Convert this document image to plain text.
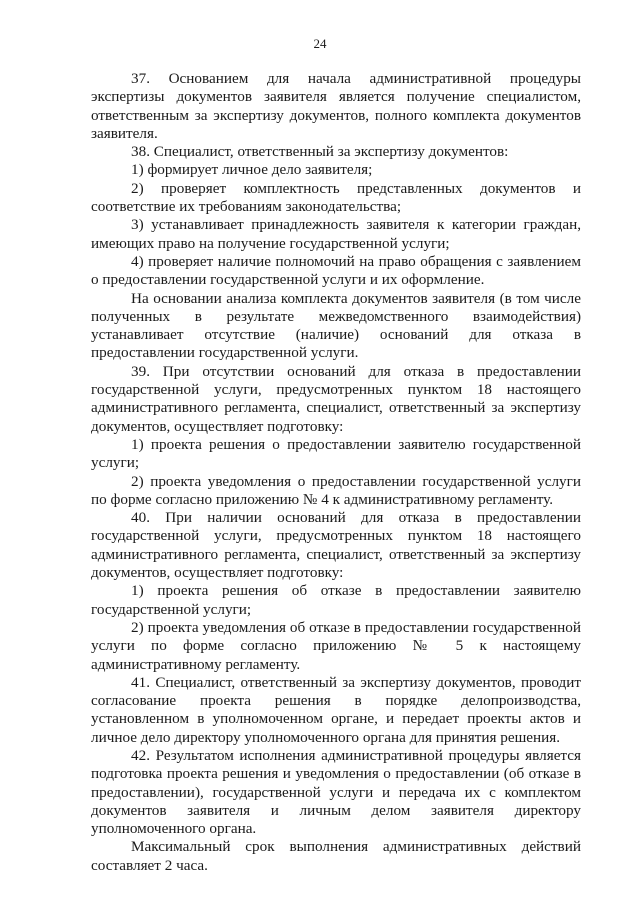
24

37. Основанием для начала административной процедуры экспертизы документов заявителя является получение специалистом, ответственным за экспертизу документов, полного комплекта документов заявителя.

38. Специалист, ответственный за экспертизу документов:

1) формирует личное дело заявителя;

2) проверяет комплектность представленных документов и соответствие их требованиям законодательства;

3) устанавливает принадлежность заявителя к категории граждан, имеющих право на получение государственной услуги;

4) проверяет наличие полномочий на право обращения с заявлением о предоставлении государственной услуги и их оформление.

На основании анализа комплекта документов заявителя (в том числе полученных в результате межведомственного взаимодействия) устанавливает отсутствие (наличие) оснований для отказа в предоставлении государственной услуги.

39. При отсутствии оснований для отказа в предоставлении государственной услуги, предусмотренных пунктом 18 настоящего административного регламента, специалист, ответственный за экспертизу документов, осуществляет подготовку:

1) проекта решения о предоставлении заявителю государственной услуги;

2) проекта уведомления о предоставлении государственной услуги по форме согласно приложению № 4 к административному регламенту.

40. При наличии оснований для отказа в предоставлении государственной услуги, предусмотренных пунктом 18 настоящего административного регламента, специалист, ответственный за экспертизу документов, осуществляет подготовку:

1) проекта решения об отказе в предоставлении заявителю государственной услуги;

2) проекта уведомления об отказе в предоставлении государственной услуги по форме согласно приложению № 5 к настоящему административному регламенту.

41. Специалист, ответственный за экспертизу документов, проводит согласование проекта решения в порядке делопроизводства, установленном в уполномоченном органе, и передает проекты актов и личное дело директору уполномоченного органа для принятия решения.

42. Результатом исполнения административной процедуры является подготовка проекта решения и уведомления о предоставлении (об отказе в предоставлении), государственной услуги и передача их с комплектом документов заявителя и личным делом заявителя директору уполномоченного органа.

Максимальный срок выполнения административных действий составляет 2 часа.
